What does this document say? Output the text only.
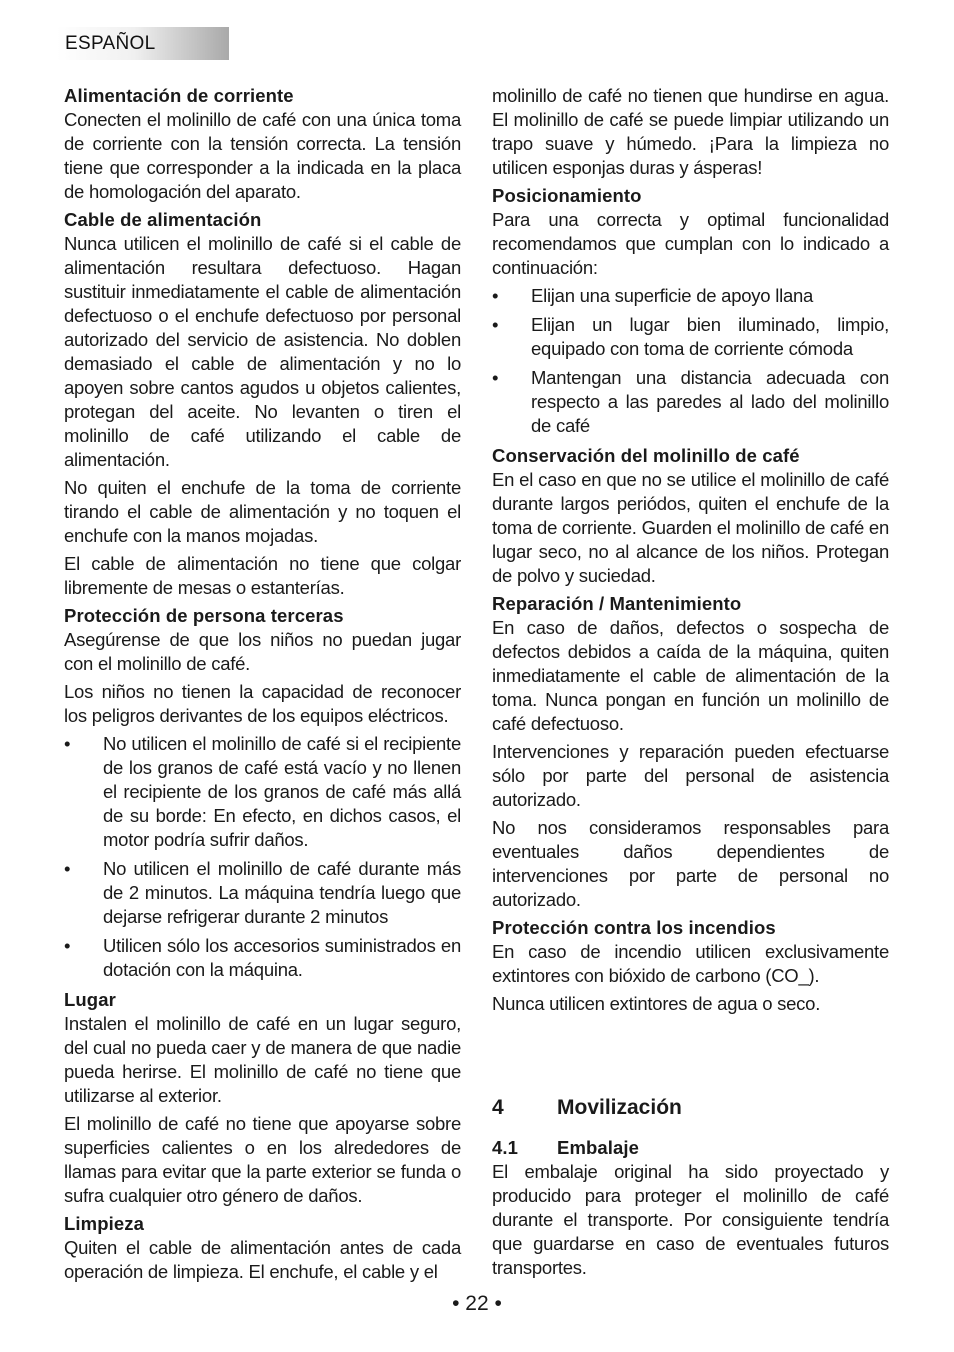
ESPAÑOL
Alimentación de corriente

Conecten el molinillo de café con una única toma de corriente con la tensión correcta. La tensión tiene que corresponder a la indicada en la placa de homologación del aparato.

Cable de alimentación

Nunca utilicen el molinillo de café si el cable de alimentación resultara defectuoso. Hagan sustituir inmediatamente el cable de alimentación defectuoso o el enchufe defectuoso por personal autorizado del servicio de asistencia. No doblen demasiado el cable de alimentación y no lo apoyen sobre cantos agudos u objetos calientes, protegan del aceite. No levanten o tiren el molinillo de café utilizando el cable de alimentación.

No quiten el enchufe de la toma de corriente tirando el cable de alimentación y no toquen el enchufe con la manos mojadas.

El cable de alimentación no tiene que colgar libremente de mesas o estanterías.

Protección de persona terceras

Asegúrense de que los niños no puedan jugar con el molinillo de café.

Los niños no tienen la capacidad de reconocer los peligros derivantes de los equipos eléctricos.

•	No utilicen el molinillo de café si el recipiente de los granos de café está vacío y no llenen el recipiente de los granos de café más allá de su borde: En efecto, en dichos casos, el motor podría sufrir daños.
•	No utilicen el molinillo de café durante más de 2 minutos. La máquina tendría luego que dejarse refrigerar durante 2 minutos
•	Utilicen sólo los accesorios suministrados en dotación con la máquina.
Lugar

Instalen el molinillo de café en un lugar seguro, del cual no pueda caer y de manera de que nadie pueda herirse. El molinillo de café no tiene que utilizarse al exterior.

El molinillo de café no tiene que apoyarse sobre superficies calientes o en los alrededores de llamas para evitar que la parte exterior se funda o sufra cualquier otro género de daños.

Limpieza

Quiten el cable de alimentación antes de cada operación de limpieza. El enchufe, el cable y el

molinillo de café no tienen que hundirse en agua. El molinillo de café se puede limpiar utilizando un trapo suave y húmedo. ¡Para la limpieza no utilicen esponjas duras y ásperas!

Posicionamiento

Para una correcta y optimal funcionalidad recomendamos que cumplan con lo indicado a continuación:

•	Elijan una superficie de apoyo llana
•	Elijan un lugar bien iluminado, limpio, equipado con toma de corriente cómoda
•	Mantengan una distancia adecuada con respecto a las paredes al lado del molinillo de café
Conservación del molinillo de café

En el caso en que no se utilice el molinillo de café durante largos periódos, quiten el enchufe de la toma de corriente. Guarden el molinillo de café en lugar seco, no al alcance de los niños. Protegan de polvo y suciedad.

Reparación / Mantenimiento

En caso de daños, defectos o sospecha de defectos debidos a caída de la máquina, quiten inmediatamente el cable de alimentación de la toma. Nunca pongan en función un molinillo de café defectuoso.

Intervenciones y reparación pueden efectuarse sólo por parte del personal de asistencia autorizado.

No nos consideramos responsables para eventuales daños dependientes de intervenciones por parte de personal no autorizado.

Protección contra los incendios

En caso de incendio utilicen exclusivamente extintores con bióxido de carbono (CO_).

Nunca utilicen extintores de agua o seco.

4	Movilización
4.1 Embalaje

El embalaje original ha sido proyectado y producido para proteger el molinillo de café durante el transporte. Por consiguiente tendría que guardarse en caso de eventuales futuros transportes.

• 22 •
